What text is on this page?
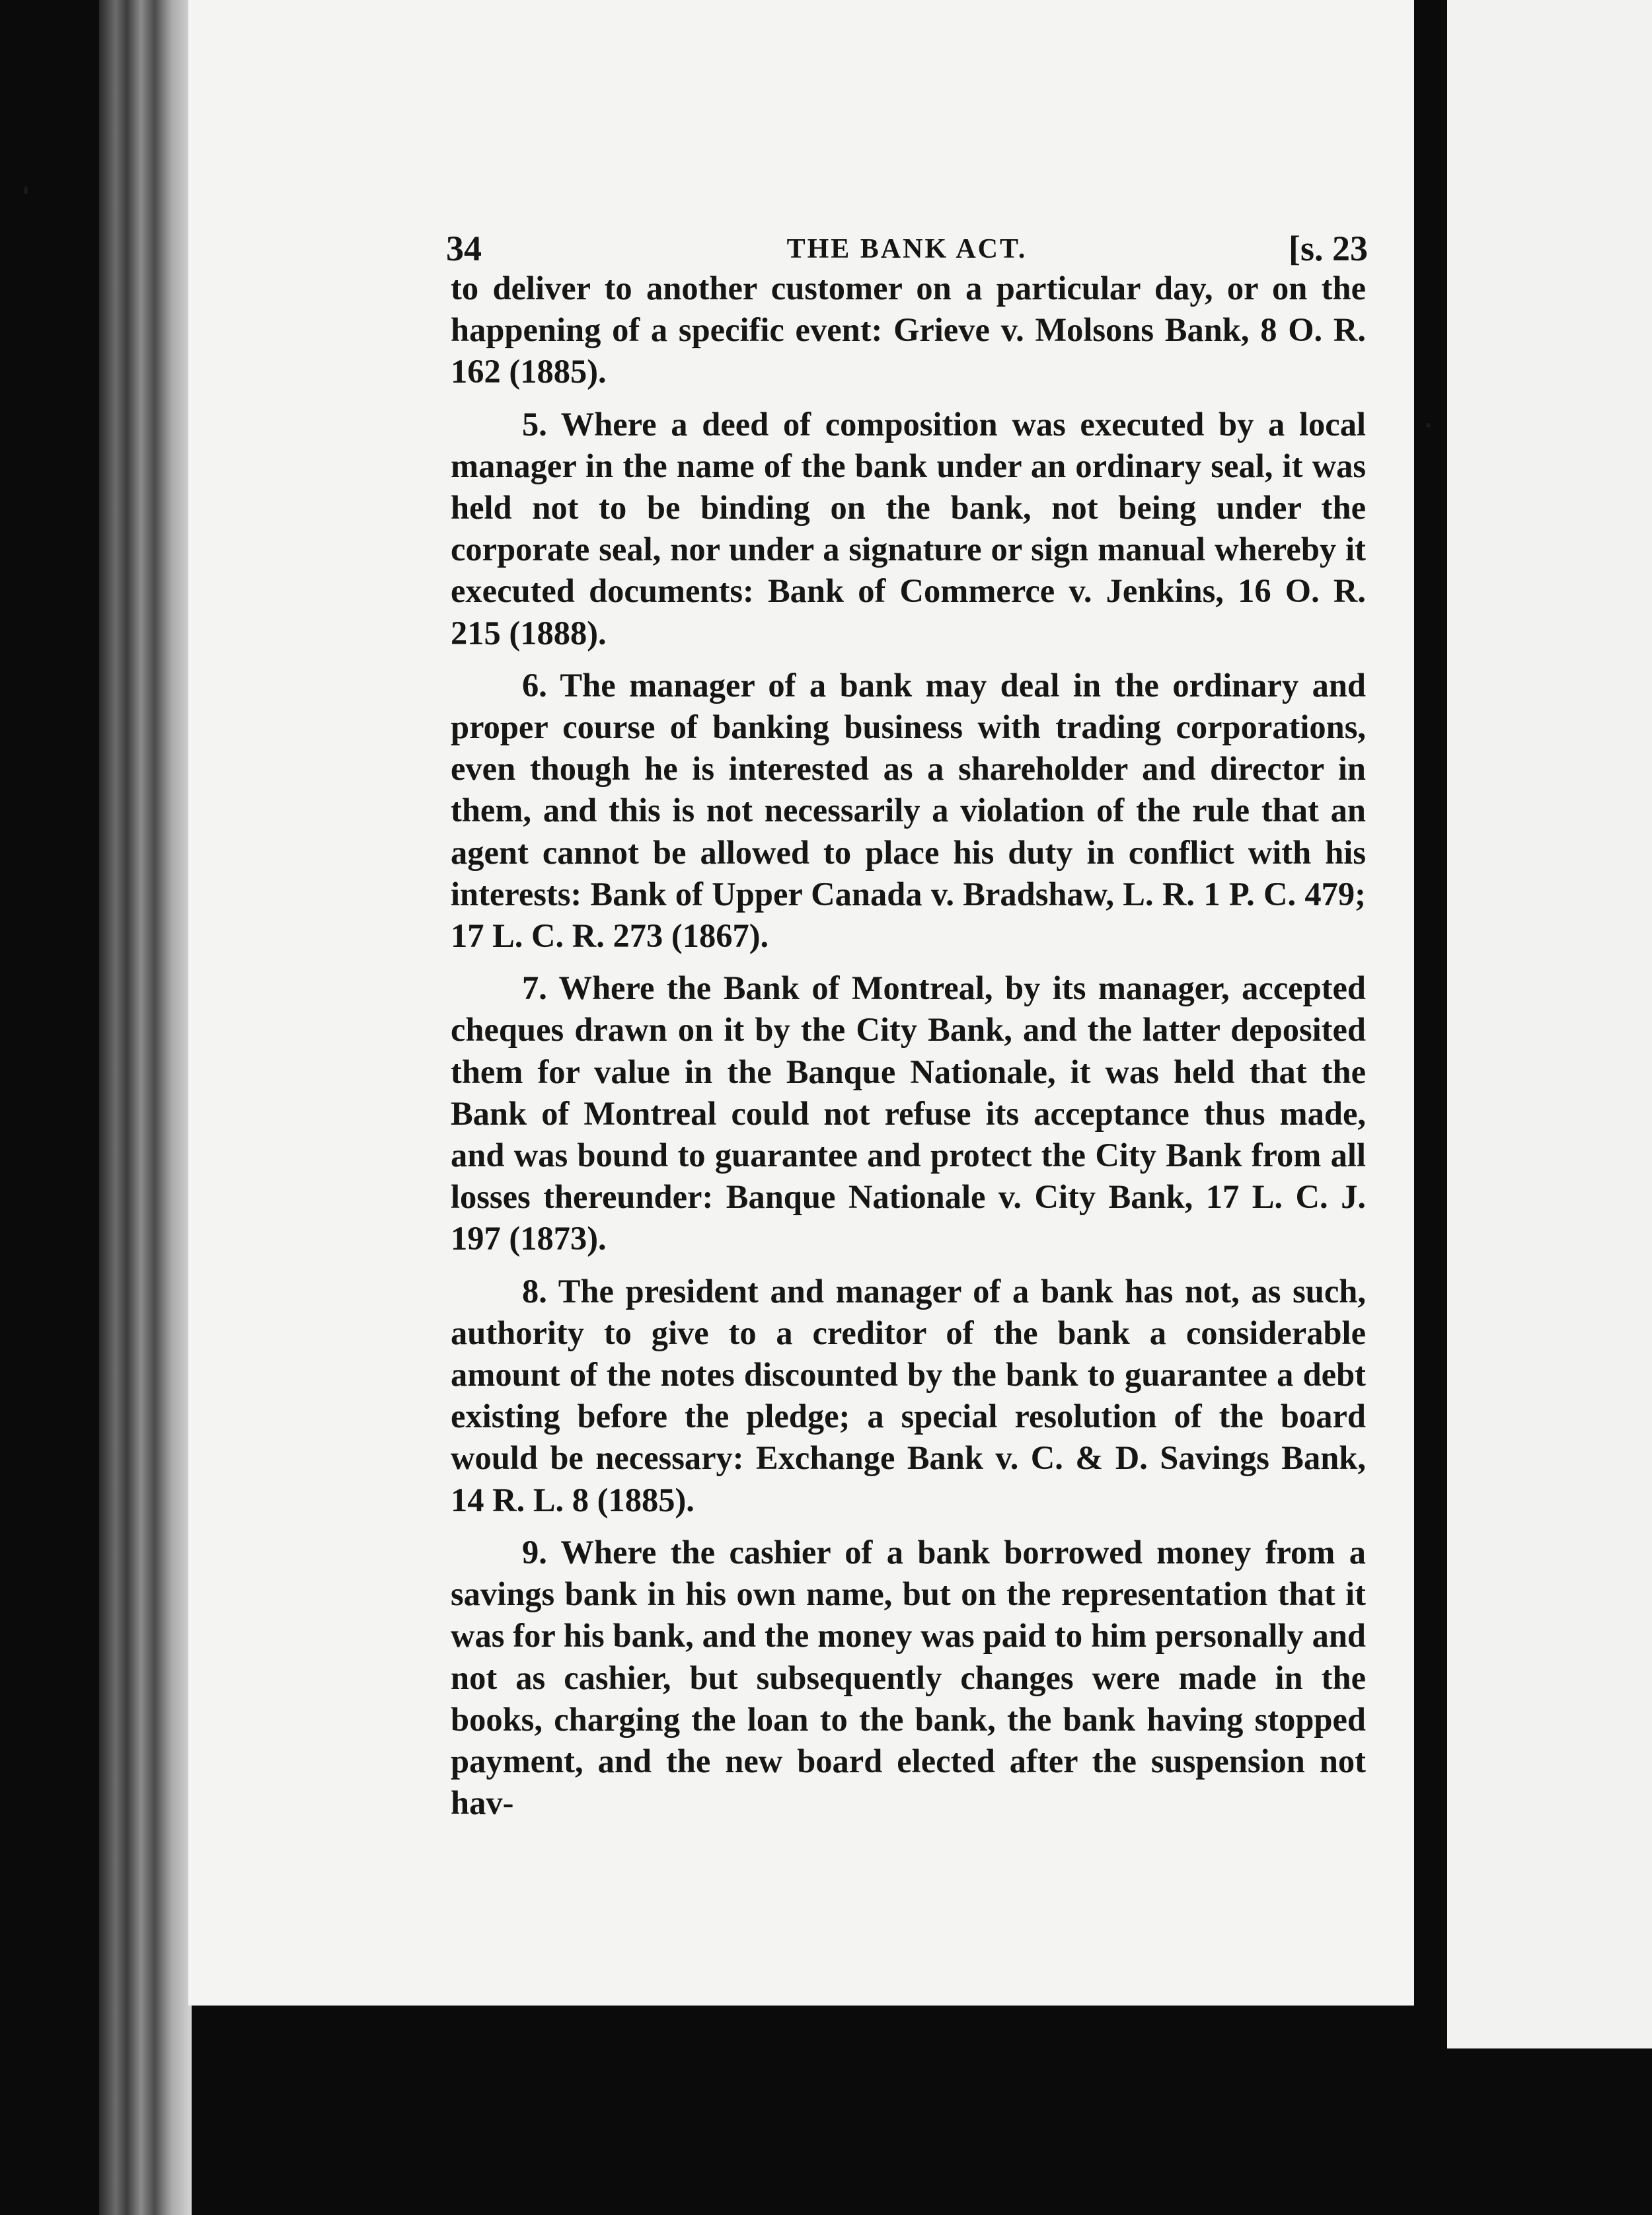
34	THE BANK ACT.	[s. 23

to deliver to another customer on a particular day, or on the happening of a specific event: Grieve v. Molsons Bank, 8 O. R. 162 (1885).

5. Where a deed of composition was executed by a local manager in the name of the bank under an ordinary seal, it was held not to be binding on the bank, not being under the corporate seal, nor under a signature or sign manual whereby it executed documents: Bank of Commerce v. Jenkins, 16 O. R. 215 (1888).

6. The manager of a bank may deal in the ordinary and proper course of banking business with trading corporations, even though he is interested as a shareholder and director in them, and this is not necessarily a violation of the rule that an agent cannot be allowed to place his duty in conflict with his interests: Bank of Upper Canada v. Bradshaw, L. R. 1 P. C. 479; 17 L. C. R. 273 (1867).

7. Where the Bank of Montreal, by its manager, accepted cheques drawn on it by the City Bank, and the latter deposited them for value in the Banque Nationale, it was held that the Bank of Montreal could not refuse its acceptance thus made, and was bound to guarantee and protect the City Bank from all losses thereunder: Banque Nationale v. City Bank, 17 L. C. J. 197 (1873).

8. The president and manager of a bank has not, as such, authority to give to a creditor of the bank a considerable amount of the notes discounted by the bank to guarantee a debt existing before the pledge; a special resolution of the board would be necessary: Exchange Bank v. C. & D. Savings Bank, 14 R. L. 8 (1885).

9. Where the cashier of a bank borrowed money from a savings bank in his own name, but on the representation that it was for his bank, and the money was paid to him personally and not as cashier, but subsequently changes were made in the books, charging the loan to the bank, the bank having stopped payment, and the new board elected after the suspension not hav-
